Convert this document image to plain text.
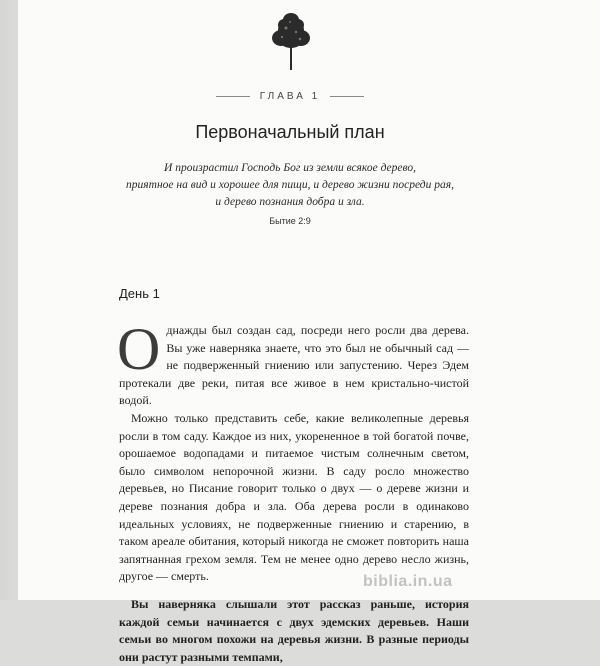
ГЛАВА 1
Первоначальный план
И произрастил Господь Бог из земли всякое дерево,
приятное на вид и хорошее для пищи, и дерево жизни посреди рая,
и дерево познания добра и зла.
Бытие 2:9
День 1

Однажды был создан сад, посреди него росли два дерева. Вы уже наверняка знаете, что это был не обычный сад — не подверженный гниению или запустению. Через Эдем протекали две реки, питая все живое в нем кристально-чистой водой.

Можно только представить себе, какие великолепные деревья росли в том саду. Каждое из них, укорененное в той богатой почве, орошаемое водопадами и питаемое чистым солнечным светом, было символом непорочной жизни. В саду росло множество деревьев, но Писание говорит только о двух — о дереве жизни и дереве познания добра и зла. Оба дерева росли в одинаково идеальных условиях, не подверженные гниению и старению, в таком ареале обитания, который никогда не сможет повторить наша запятнанная грехом земля. Тем не менее одно дерево несло жизнь, другое — смерть.

Вы наверняка слышали этот рассказ раньше, история каждой семьи начинается с двух эдемских деревьев. Наши семьи во многом похожи на деревья жизни. В разные периоды они растут разными темпами,

biblia.in.ua
